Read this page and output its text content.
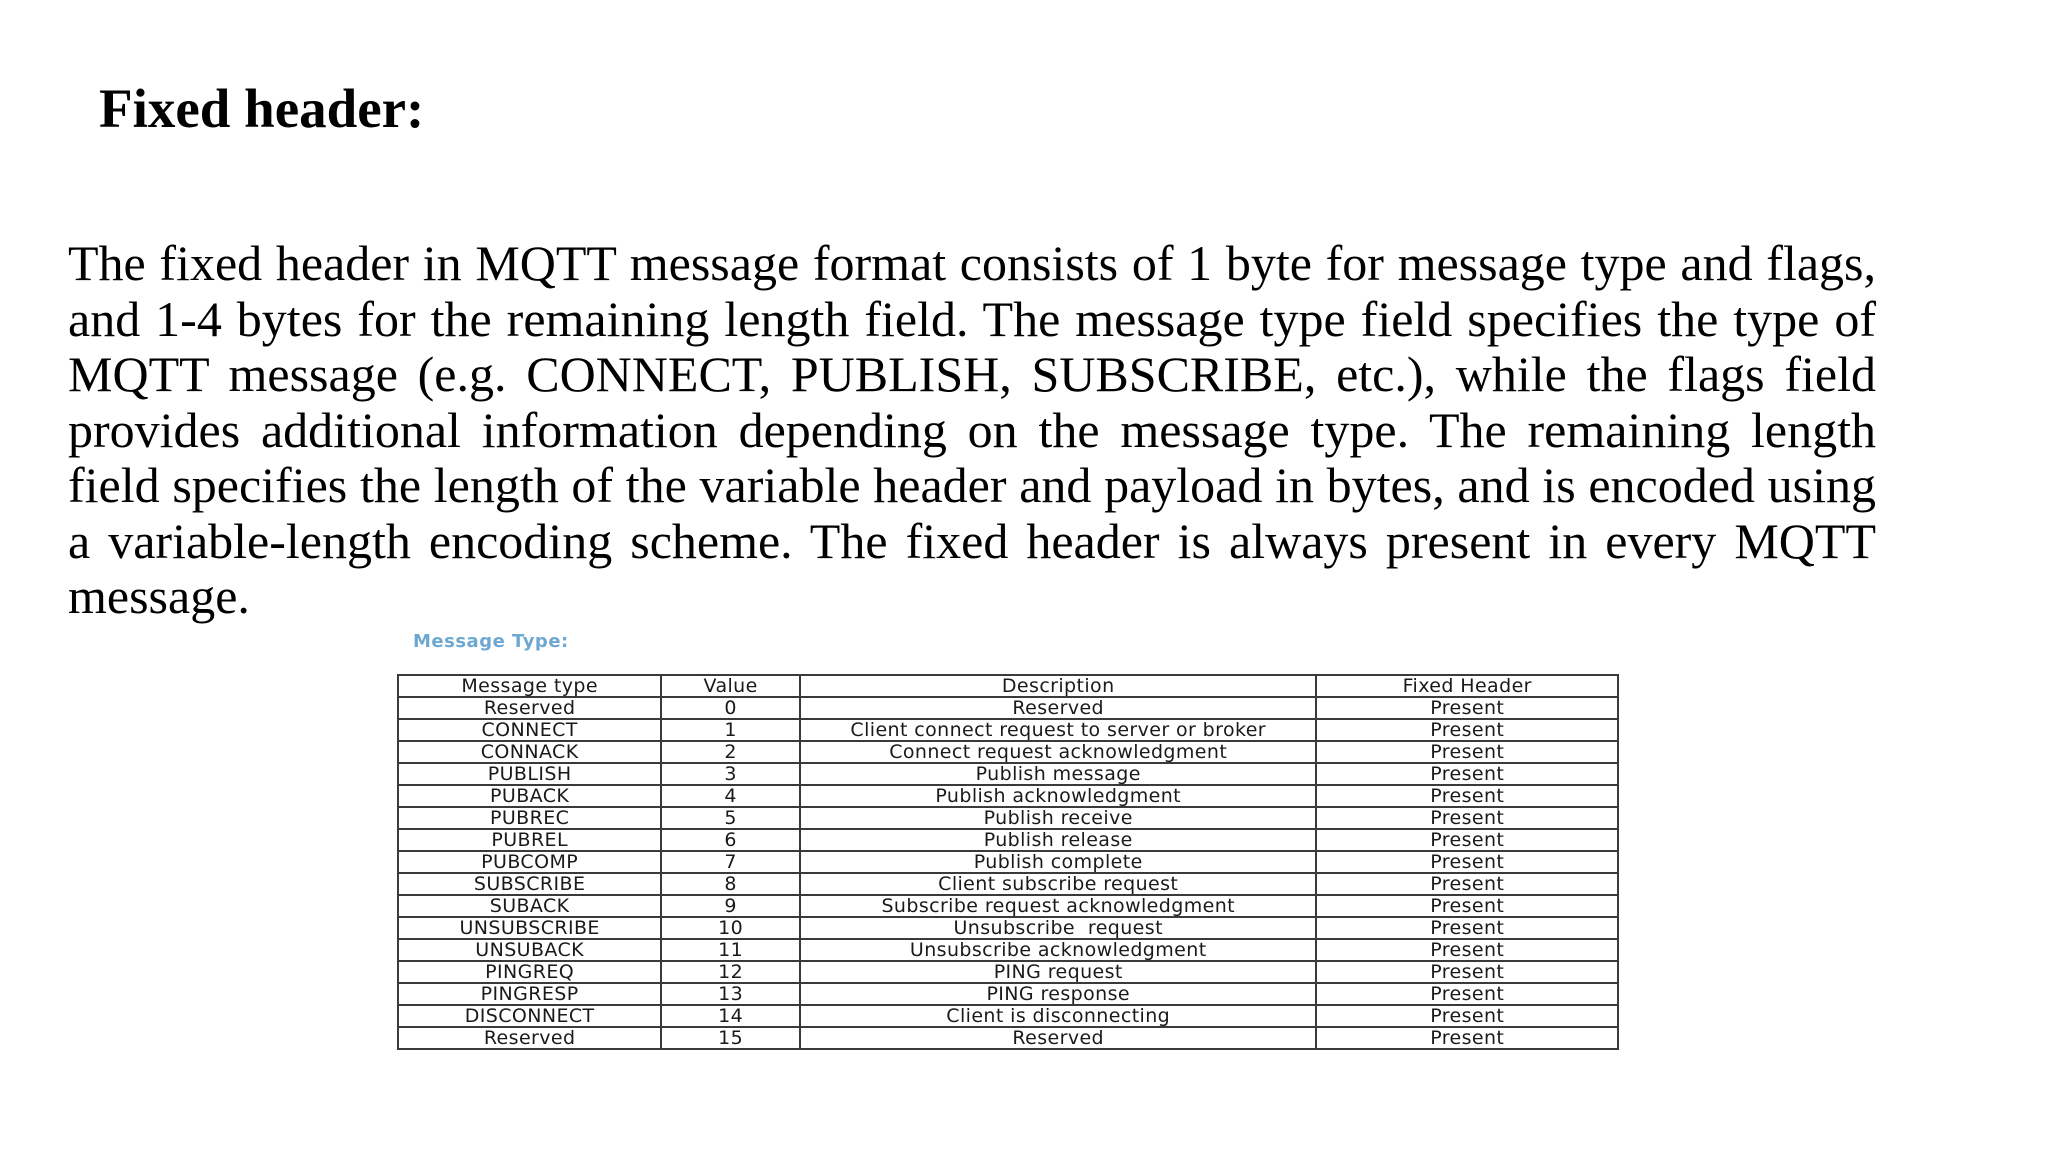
Fixed header:

The fixed header in MQTT message format consists of 1 byte for message type and flags, and 1-4 bytes for the remaining length field. The message type field specifies the type of MQTT message (e.g. CONNECT, PUBLISH, SUBSCRIBE, etc.), while the flags field provides additional information depending on the message type. The remaining length field specifies the length of the variable header and payload in bytes, and is encoded using a variable-length encoding scheme. The fixed header is always present in every MQTT message.

Message Type:
Message type	Value	Description	Fixed Header
Reserved	0	Reserved	Present
CONNECT	1	Client connect request to server or broker	Present
CONNACK	2	Connect request acknowledgment	Present
PUBLISH	3	Publish message	Present
PUBACK	4	Publish acknowledgment	Present
PUBREC	5	Publish receive	Present
PUBREL	6	Publish release	Present
PUBCOMP	7	Publish complete	Present
SUBSCRIBE	8	Client subscribe request	Present
SUBACK	9	Subscribe request acknowledgment	Present
UNSUBSCRIBE	10	Unsubscribe  request	Present
UNSUBACK	11	Unsubscribe acknowledgment	Present
PINGREQ	12	PING request	Present
PINGRESP	13	PING response	Present
DISCONNECT	14	Client is disconnecting	Present
Reserved	15	Reserved	Present
